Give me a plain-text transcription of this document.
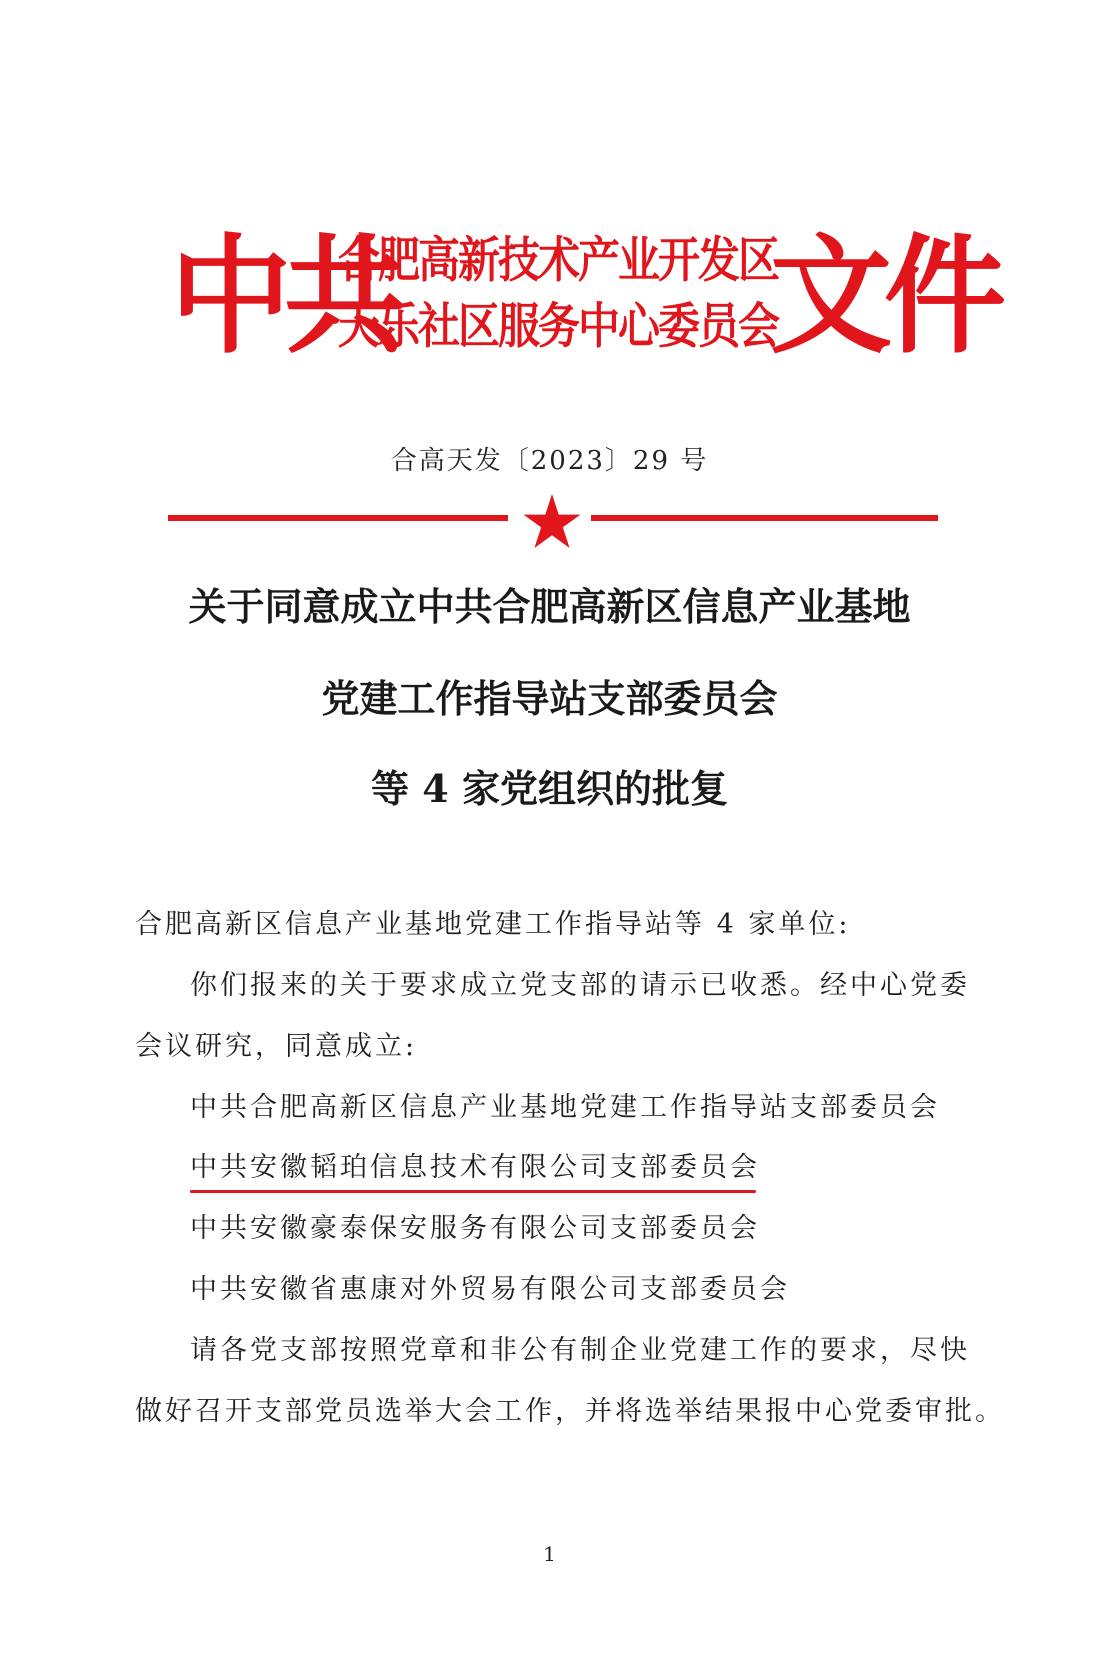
中共
合肥高新技术产业开发区
天乐社区服务中心委员会
文件
合高天发〔2023〕29 号
关于同意成立中共合肥高新区信息产业基地
党建工作指导站支部委员会
等 4 家党组织的批复
合肥高新区信息产业基地党建工作指导站等 4 家单位:
你们报来的关于要求成立党支部的请示已收悉。经中心党委
会议研究，同意成立:
中共合肥高新区信息产业基地党建工作指导站支部委员会
中共安徽韬珀信息技术有限公司支部委员会
中共安徽豪泰保安服务有限公司支部委员会
中共安徽省惠康对外贸易有限公司支部委员会
请各党支部按照党章和非公有制企业党建工作的要求，尽快
做好召开支部党员选举大会工作，并将选举结果报中心党委审批。
1
